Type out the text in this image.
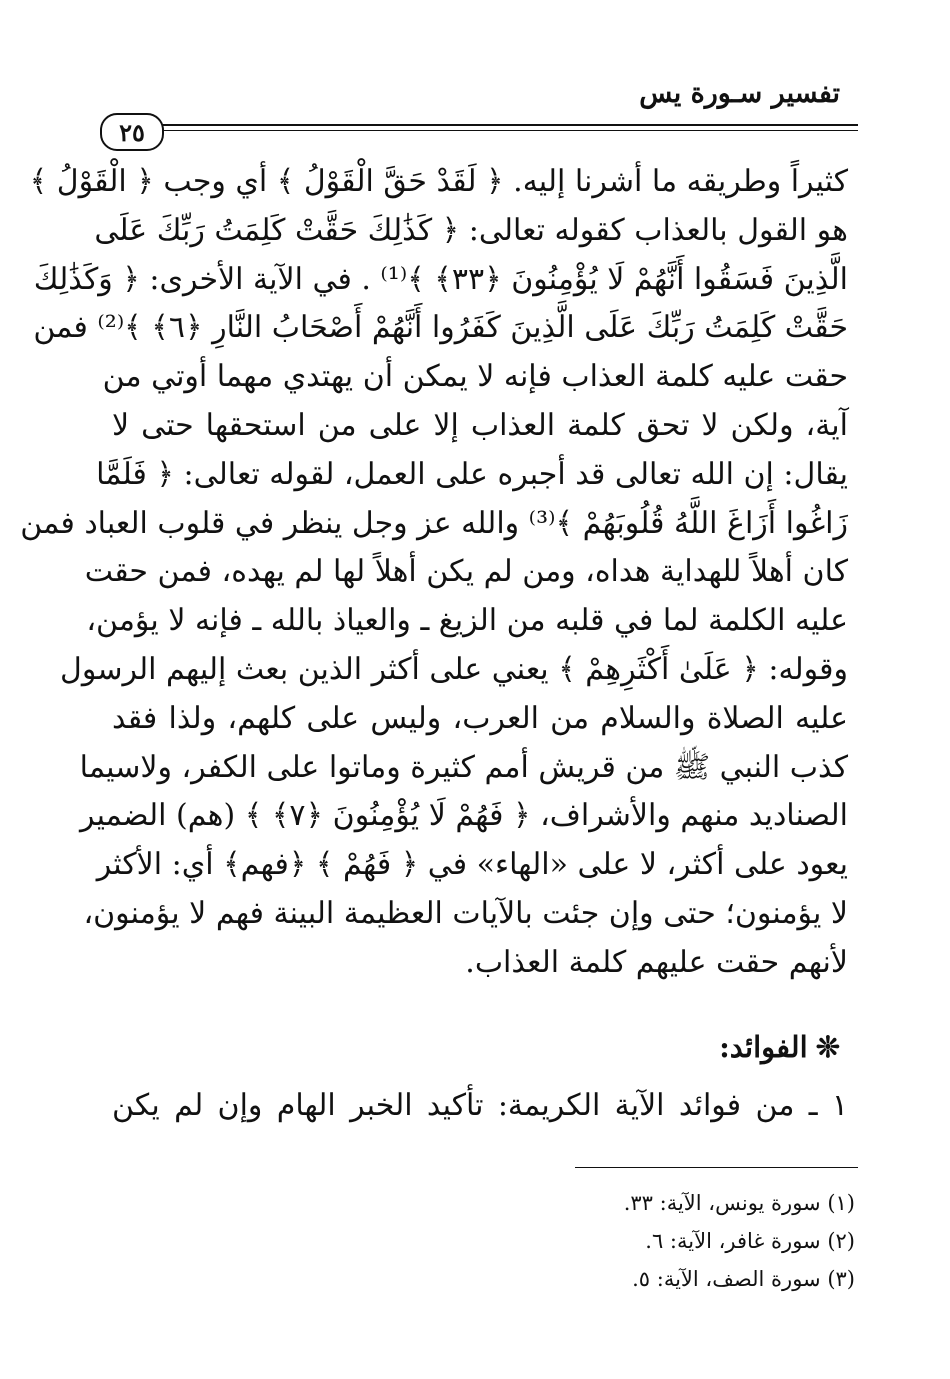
تفسير سـورة يس
٢٥
كثيراً وطريقه ما أشرنا إليه. ﴿ لَقَدْ حَقَّ الْقَوْلُ ﴾ أي وجب ﴿ الْقَوْلُ ﴾
هو القول بالعذاب كقوله تعالى: ﴿ كَذَٰلِكَ حَقَّتْ كَلِمَتُ رَبِّكَ عَلَى
الَّذِينَ فَسَقُوا أَنَّهُمْ لَا يُؤْمِنُونَ ﴿٣٣﴾ ﴾⁽¹⁾ . في الآية الأخرى: ﴿ وَكَذَٰلِكَ
حَقَّتْ كَلِمَتُ رَبِّكَ عَلَى الَّذِينَ كَفَرُوا أَنَّهُمْ أَصْحَابُ النَّارِ ﴿٦﴾ ﴾⁽²⁾ فمن
حقت عليه كلمة العذاب فإنه لا يمكن أن يهتدي مهما أوتي من
آية، ولكن لا تحق كلمة العذاب إلا على من استحقها حتى لا
يقال: إن الله تعالى قد أجبره على العمل، لقوله تعالى: ﴿ فَلَمَّا
زَاغُوا أَزَاغَ اللَّهُ قُلُوبَهُمْ ﴾⁽³⁾ والله عز وجل ينظر في قلوب العباد فمن
كان أهلاً للهداية هداه، ومن لم يكن أهلاً لها لم يهده، فمن حقت
عليه الكلمة لما في قلبه من الزيغ ـ والعياذ بالله ـ فإنه لا يؤمن،
وقوله: ﴿ عَلَىٰ أَكْثَرِهِمْ ﴾ يعني على أكثر الذين بعث إليهم الرسول
عليه الصلاة والسلام من العرب، وليس على كلهم، ولذا فقد
كذب النبي ﷺ من قريش أمم كثيرة وماتوا على الكفر، ولاسيما
الصناديد منهم والأشراف، ﴿ فَهُمْ لَا يُؤْمِنُونَ ﴿٧﴾ ﴾ (هم) الضمير
يعود على أكثر، لا على «الهاء» في ﴿ فَهُمْ ﴾ ﴿فهم﴾ أي: الأكثر
لا يؤمنون؛ حتى وإن جئت بالآيات العظيمة البينة فهم لا يؤمنون،
لأنهم حقت عليهم كلمة العذاب.
❊الفوائد:
١ ـ من فوائد الآية الكريمة: تأكيد الخبر الهام وإن لم يكن
(١) سورة يونس، الآية: ٣٣.
(٢) سورة غافر، الآية: ٦.
(٣) سورة الصف، الآية: ٥.
